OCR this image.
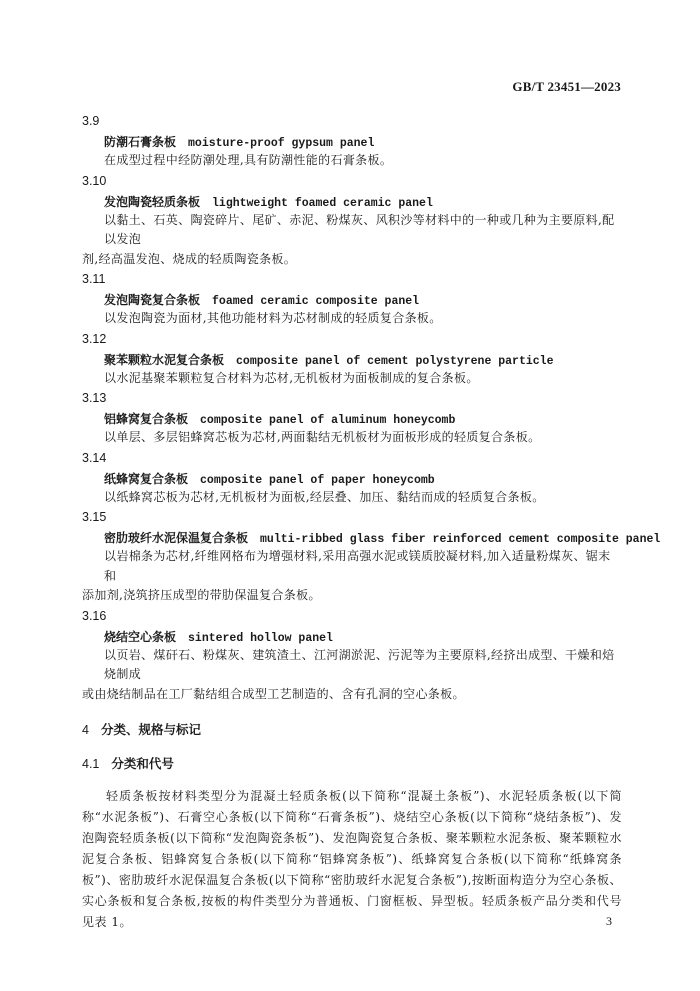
GB/T 23451—2023
3.9
防潮石膏条板 moisture-proof gypsum panel
在成型过程中经防潮处理,具有防潮性能的石膏条板。
3.10
发泡陶瓷轻质条板 lightweight foamed ceramic panel
以黏土、石英、陶瓷碎片、尾矿、赤泥、粉煤灰、风积沙等材料中的一种或几种为主要原料,配以发泡
剂,经高温发泡、烧成的轻质陶瓷条板。
3.11
发泡陶瓷复合条板 foamed ceramic composite panel
以发泡陶瓷为面材,其他功能材料为芯材制成的轻质复合条板。
3.12
聚苯颗粒水泥复合条板 composite panel of cement polystyrene particle
以水泥基聚苯颗粒复合材料为芯材,无机板材为面板制成的复合条板。
3.13
铝蜂窝复合条板 composite panel of aluminum honeycomb
以单层、多层铝蜂窝芯板为芯材,两面黏结无机板材为面板形成的轻质复合条板。
3.14
纸蜂窝复合条板 composite panel of paper honeycomb
以纸蜂窝芯板为芯材,无机板材为面板,经层叠、加压、黏结而成的轻质复合条板。
3.15
密肋玻纤水泥保温复合条板 multi-ribbed glass fiber reinforced cement composite panel
以岩棉条为芯材,纤维网格布为增强材料,采用高强水泥或镁质胶凝材料,加入适量粉煤灰、锯末和
添加剂,浇筑挤压成型的带肋保温复合条板。
3.16
烧结空心条板 sintered hollow panel
以页岩、煤矸石、粉煤灰、建筑渣土、江河湖淤泥、污泥等为主要原料,经挤出成型、干燥和焙烧制成
或由烧结制品在工厂黏结组合成型工艺制造的、含有孔洞的空心条板。
4 分类、规格与标记
4.1 分类和代号
轻质条板按材料类型分为混凝土轻质条板(以下简称“混凝土条板”)、水泥轻质条板(以下简称“水泥条板”)、石膏空心条板(以下简称“石膏条板”)、烧结空心条板(以下简称“烧结条板”)、发泡陶瓷轻质条板(以下简称“发泡陶瓷条板”)、发泡陶瓷复合条板、聚苯颗粒水泥条板、聚苯颗粒水泥复合条板、铝蜂窝复合条板(以下简称“铝蜂窝条板”)、纸蜂窝复合条板(以下简称“纸蜂窝条板”)、密肋玻纤水泥保温复合条板(以下简称“密肋玻纤水泥复合条板”),按断面构造分为空心条板、实心条板和复合条板,按板的构件类型分为普通板、门窗框板、异型板。轻质条板产品分类和代号见表 1。	3
